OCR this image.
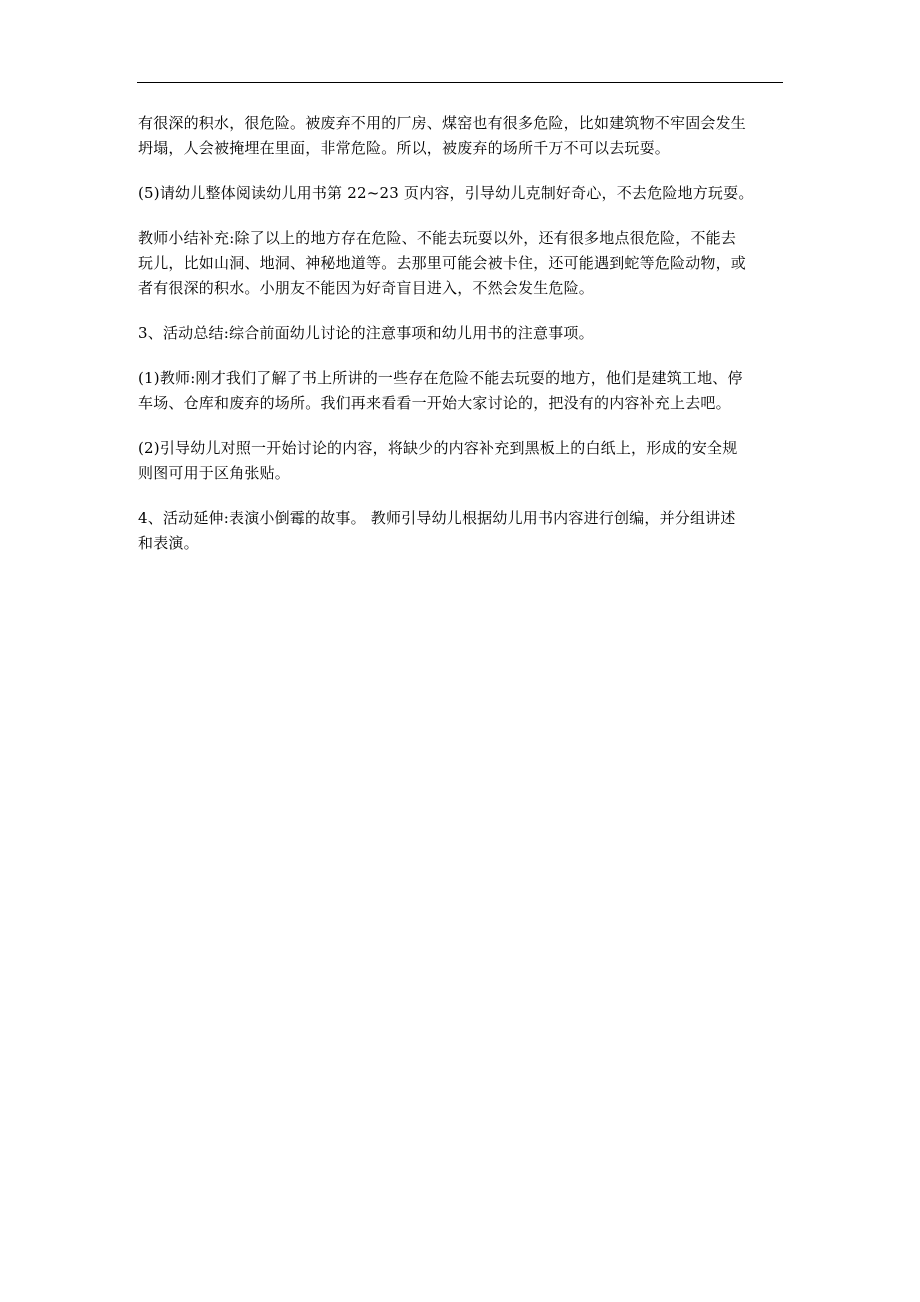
有很深的积水，很危险。被废弃不用的厂房、煤窑也有很多危险，比如建筑物不牢固会发生
坍塌，人会被掩埋在里面，非常危险。所以，被废弃的场所千万不可以去玩耍。

(5)请幼儿整体阅读幼儿用书第 22~23 页内容，引导幼儿克制好奇心，不去危险地方玩耍。

教师小结补充:除了以上的地方存在危险、不能去玩耍以外，还有很多地点很危险，不能去
玩儿，比如山洞、地洞、神秘地道等。去那里可能会被卡住，还可能遇到蛇等危险动物，或
者有很深的积水。小朋友不能因为好奇盲目进入，不然会发生危险。

3、活动总结:综合前面幼儿讨论的注意事项和幼儿用书的注意事项。

(1)教师:刚才我们了解了书上所讲的一些存在危险不能去玩耍的地方，他们是建筑工地、停
车场、仓库和废弃的场所。我们再来看看一开始大家讨论的，把没有的内容补充上去吧。

(2)引导幼儿对照一开始讨论的内容，将缺少的内容补充到黑板上的白纸上，形成的安全规
则图可用于区角张贴。

4、活动延伸:表演小倒霉的故事。 教师引导幼儿根据幼儿用书内容进行创编，并分组讲述
和表演。
